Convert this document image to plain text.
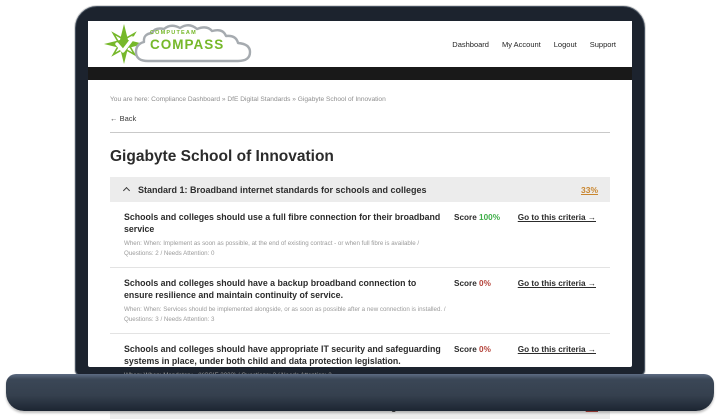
COMPUTEAM
COMPASS	Dashboard My Account Logout Support
You are here: Compliance Dashboard » DfE Digital Standards » Gigabyte School of Innovation
← Back
Gigabyte School of Innovation
Standard 1: Broadband internet standards for schools and colleges	33%
Schools and colleges should use a full fibre connection for their broadband service
When: When: Implement as soon as possible, at the end of existing contract - or when full fibre is available / Questions: 2 / Needs Attention: 0
Score 100% Go to this criteria →
Schools and colleges should have a backup broadband connection to ensure resilience and maintain continuity of service.
When: When: Services should be implemented alongside, or as soon as possible after a new connection is installed. / Questions: 3 / Needs Attention: 3
Score 0%	Go to this criteria →
Schools and colleges should have appropriate IT security and safeguarding systems in place, under both child and data protection legislation.
Score 0%	Go to this criteria →
